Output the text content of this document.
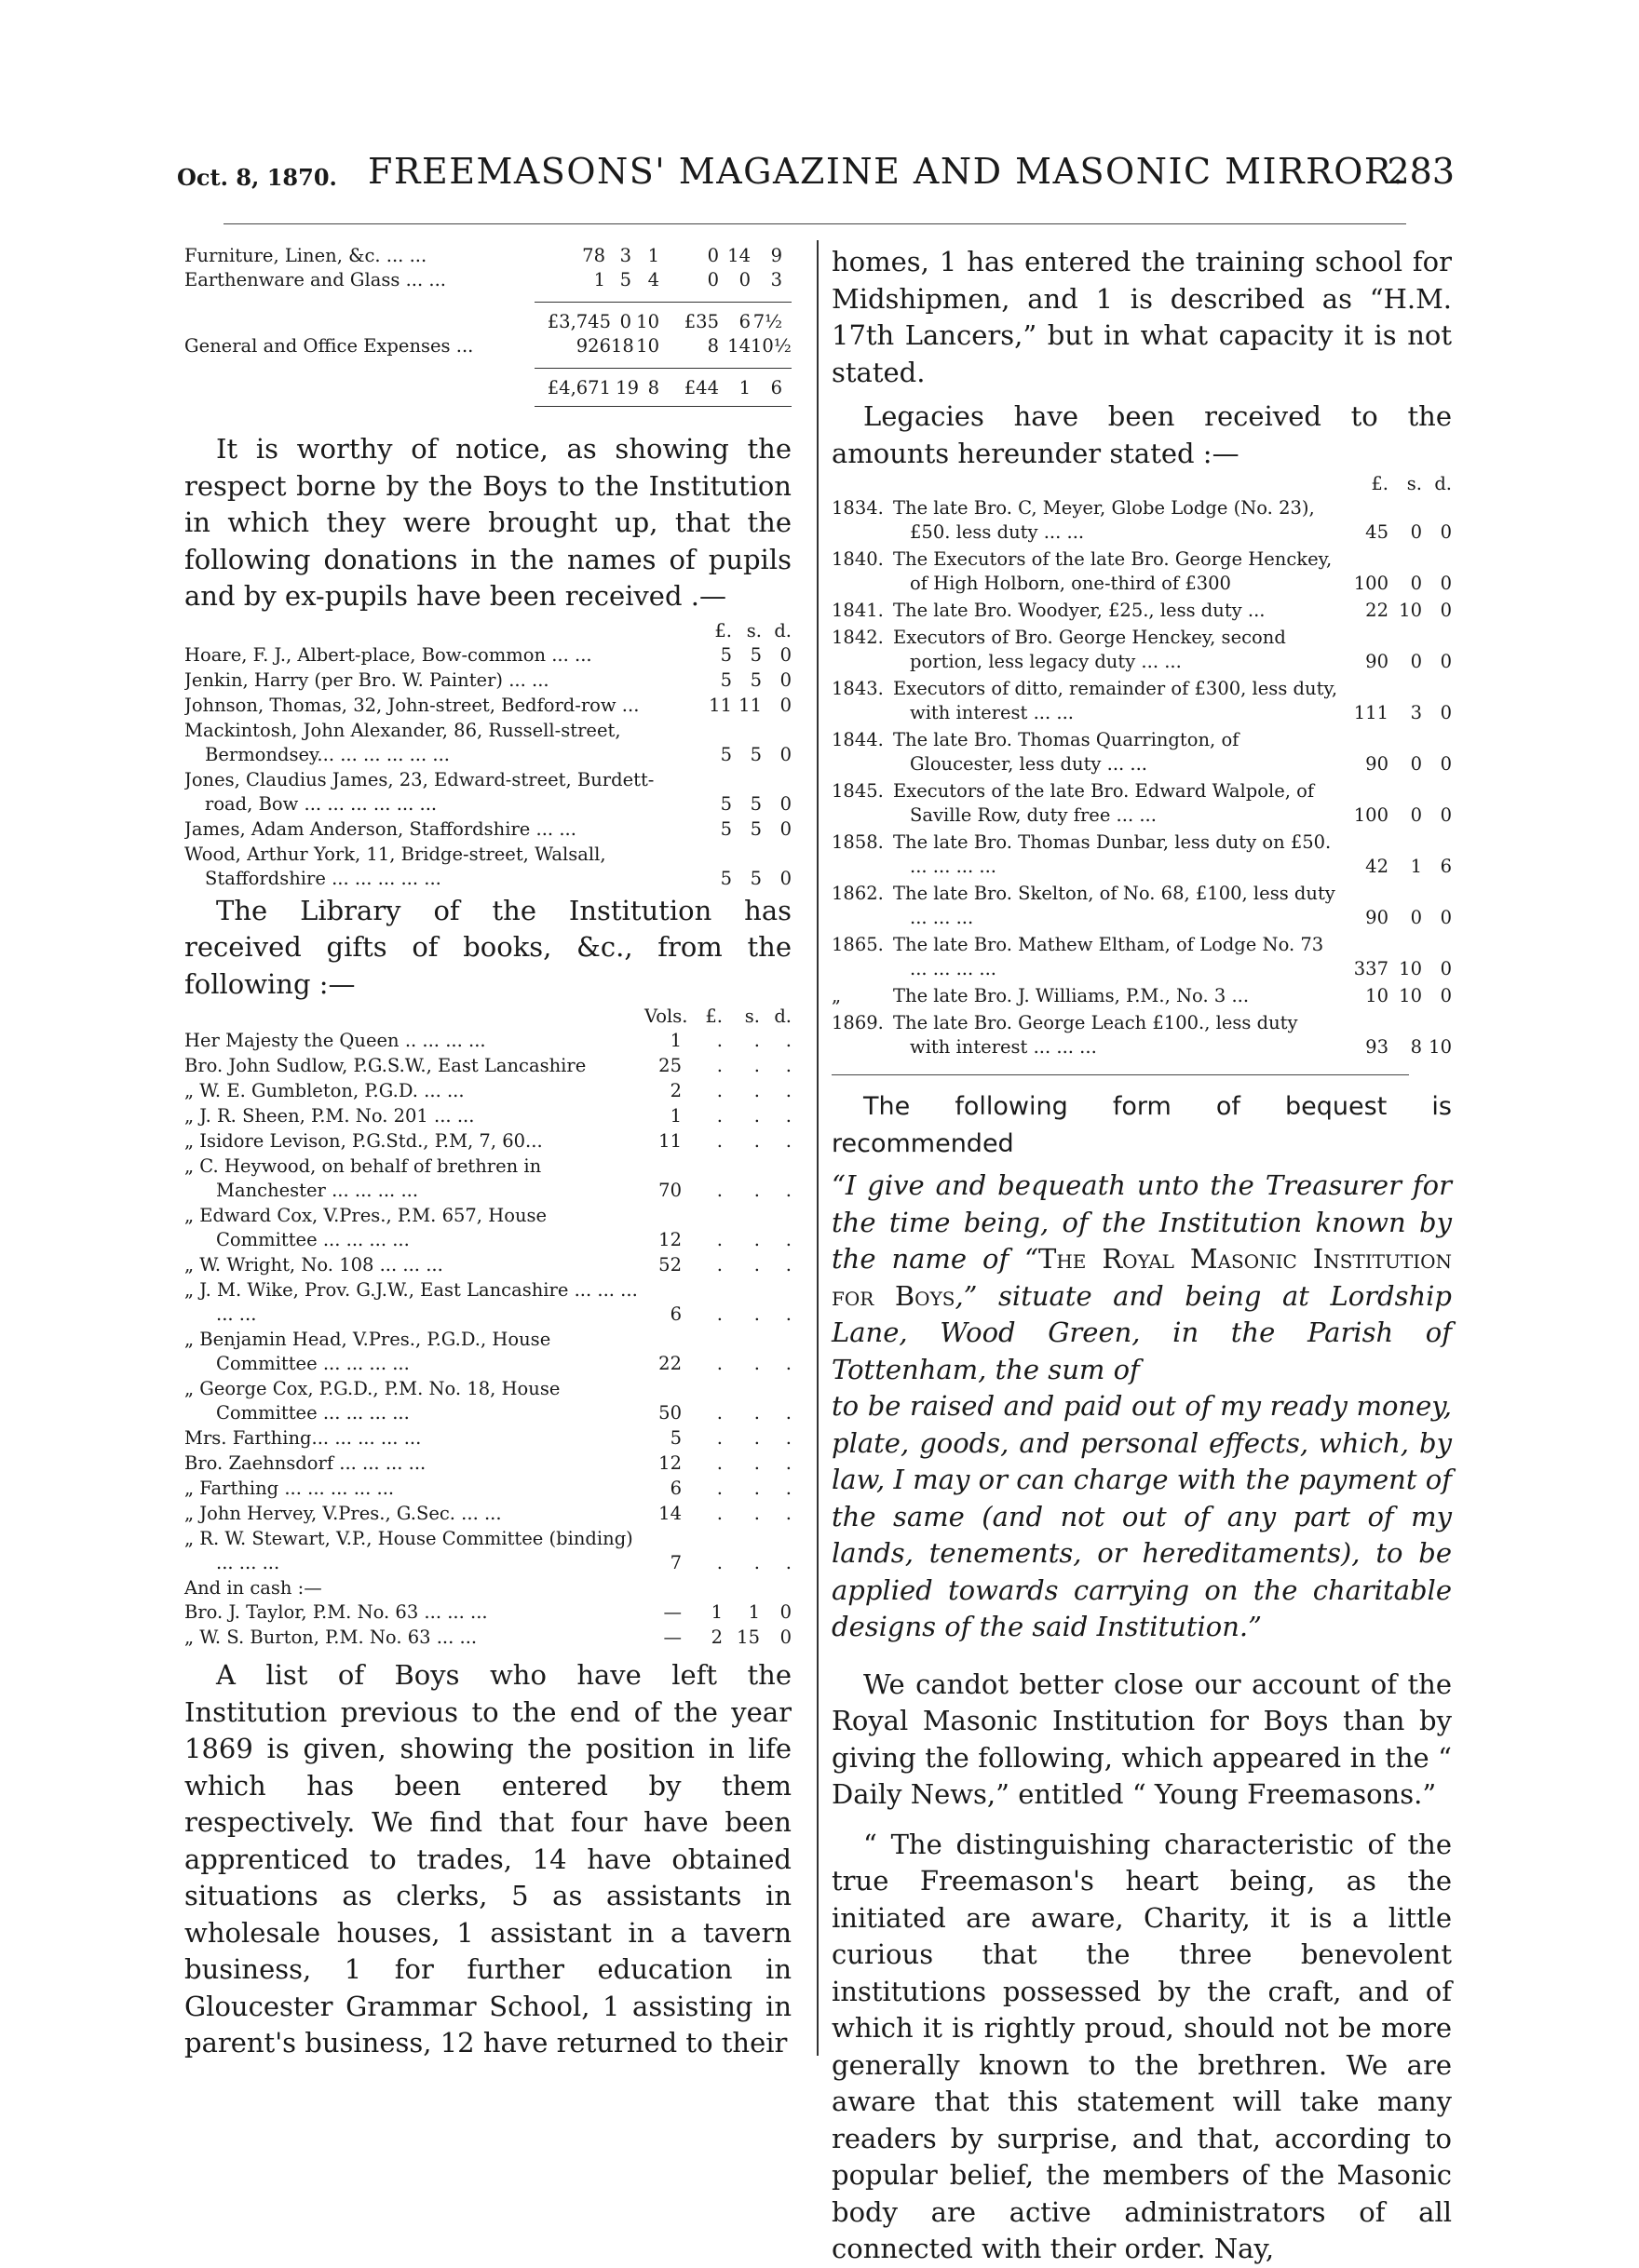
Oct. 8, 1870. FREEMASONS' MAGAZINE AND MASONIC MIRROR.
283
Furniture, Linen, &c. ... ...	78 3 1	0 14	9
Earthenware and Glass ... ...	1 5 4	0	0	3
£3,745 0 10	£35	6 7½
General and Office Expenses ...	926 18 10	8 14 10½
£4,671 19 8	£44	1	6

It is worthy of notice, as showing the respect borne by the Boys to the Institution in which they were brought up, that the following donations in the names of pupils and by ex-pupils have been received .—

£. s. d.
Hoare, F. J., Albert-place, Bow-common ... ...	5	5	0
Jenkin, Harry (per Bro. W. Painter) ... ...	5	5	0
Johnson, Thomas, 32, John-street, Bedford-row ...	11 11	0
Mackintosh, John Alexander, 86, Russell-street, Bermondsey... ... ... ... ... ...	5	5	0
Jones, Claudius James, 23, Edward-street, Burdett-road, Bow ... ... ... ... ... ...	5	5	0
James, Adam Anderson, Staffordshire ... ...	5	5	0
Wood, Arthur York, 11, Bridge-street, Walsall, Staffordshire ... ... ... ... ...	5	5	0

The Library of the Institution has received gifts of books, &c., from the following :—

Vols. £.	s. d.
Her Majesty the Queen .. ... ... ...	1	.	.	.
Bro. John Sudlow, P.G.S.W., East Lancashire	25	.	.	.
„ W. E. Gumbleton, P.G.D. ... ...	2	.	.	.
„ J. R. Sheen, P.M. No. 201 ... ...	1	.	.	.
„ Isidore Levison, P.G.Std., P.M, 7, 60...	11	.	.	.
„ C. Heywood, on behalf of brethren in Manchester ... ... ... ...	70	.	.	.
„ Edward Cox, V.Pres., P.M. 657, House Committee ... ... ... ...	12	.	.	.
„ W. Wright, No. 108 ... ... ...	52	.	.	.
„ J. M. Wike, Prov. G.J.W., East Lancashire ... ... ... ... ...	6	.	.	.
„ Benjamin Head, V.Pres., P.G.D., House Committee ... ... ... ...	22	.	.	.
„ George Cox, P.G.D., P.M. No. 18, House Committee ... ... ... ...	50	.	.	.
Mrs. Farthing... ... ... ... ...	5	.	.	.
Bro. Zaehnsdorf ... ... ... ...	12	.	.	.
„ Farthing ... ... ... ... ...	6	.	.	.
„ John Hervey, V.Pres., G.Sec. ... ...	14	.	.	.
„ R. W. Stewart, V.P., House Committee (binding) ... ... ...	7	.	.	.
And in cash :—
Bro. J. Taylor, P.M. No. 63 ... ... ...	—	1	1	0
„ W. S. Burton, P.M. No. 63 ... ...	—	2 15	0

A list of Boys who have left the Institution previous to the end of the year 1869 is given, showing the position in life which has been entered by them respectively. We find that four have been apprenticed to trades, 14 have obtained situations as clerks, 5 as assistants in wholesale houses, 1 assistant in a tavern business, 1 for further education in Gloucester Grammar School, 1 assisting in parent's business, 12 have returned to their

homes, 1 has entered the training school for Midshipmen, and 1 is described as “H.M. 17th Lancers,” but in what capacity it is not stated.

Legacies have been received to the amounts hereunder stated :—

£.	s. d.
1834. The late Bro. C, Meyer, Globe Lodge (No. 23), £50. less duty ... ...	45	0	0
1840. The Executors of the late Bro. George Henckey, of High Holborn, one-third of £300	100	0	0
1841. The late Bro. Woodyer, £25., less duty ...	22 10	0
1842. Executors of Bro. George Henckey, second portion, less legacy duty ... ...	90	0	0
1843. Executors of ditto, remainder of £300, less duty, with interest ... ...	111	3	0
1844. The late Bro. Thomas Quarrington, of Gloucester, less duty ... ...	90	0	0
1845. Executors of the late Bro. Edward Walpole, of Saville Row, duty free ... ...	100	0	0
1858. The late Bro. Thomas Dunbar, less duty on £50. ... ... ... ...	42	1	6
1862. The late Bro. Skelton, of No. 68, £100, less duty ... ... ...	90	0	0
1865. The late Bro. Mathew Eltham, of Lodge No. 73 ... ... ... ...	337 10	0
„	The late Bro. J. Williams, P.M., No. 3 ...	10 10	0
1869. The late Bro. George Leach £100., less duty with interest ... ... ...	93	8 10

The following form of bequest is recommended

“I give and bequeath unto the Treasurer for the time being, of the Institution known by the name of “The Royal Masonic Institution for Boys,” situate and being at Lordship Lane, Wood Green, in the Parish of Tottenham, the sum of
to be raised and paid out of my ready money, plate, goods, and personal effects, which, by law, I may or can charge with the payment of the same (and not out of any part of my lands, tenements, or hereditaments), to be applied towards carrying on the charitable designs of the said Institution.”

We candot better close our account of the Royal Masonic Institution for Boys than by giving the following, which appeared in the “ Daily News,” entitled “ Young Freemasons.”

“ The distinguishing characteristic of the true Freemason's heart being, as the initiated are aware, Charity, it is a little curious that the three benevolent institutions possessed by the craft, and of which it is rightly proud, should not be more generally known to the brethren. We are aware that this statement will take many readers by surprise, and that, according to popular belief, the members of the Masonic body are active administrators of all connected with their order. Nay,
